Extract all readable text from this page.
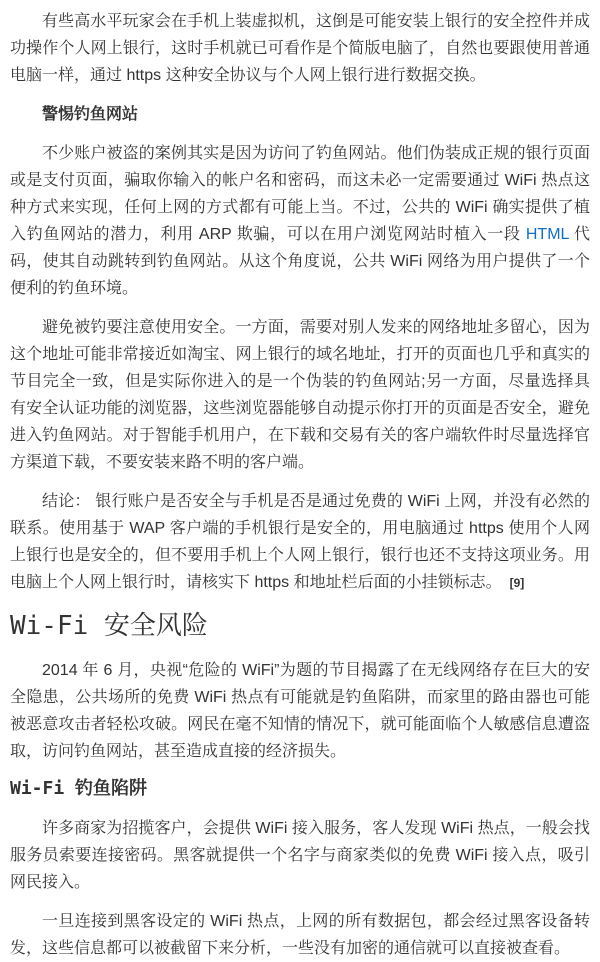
有些高水平玩家会在手机上装虚拟机，这倒是可能安装上银行的安全控件并成功操作个人网上银行，这时手机就已可看作是个简版电脑了，自然也要跟使用普通电脑一样，通过 https 这种安全协议与个人网上银行进行数据交换。

警惕钓鱼网站

不少账户被盗的案例其实是因为访问了钓鱼网站。他们伪装成正规的银行页面或是支付页面，骗取你输入的帐户名和密码，而这未必一定需要通过 WiFi 热点这种方式来实现，任何上网的方式都有可能上当。不过，公共的 WiFi 确实提供了植入钓鱼网站的潜力，利用 ARP 欺骗，可以在用户浏览网站时植入一段 HTML 代码，使其自动跳转到钓鱼网站。从这个角度说，公共 WiFi 网络为用户提供了一个便利的钓鱼环境。

避免被钓要注意使用安全。一方面，需要对别人发来的网络地址多留心，因为这个地址可能非常接近如淘宝、网上银行的域名地址，打开的页面也几乎和真实的节目完全一致，但是实际你进入的是一个伪装的钓鱼网站;另一方面，尽量选择具有安全认证功能的浏览器，这些浏览器能够自动提示你打开的页面是否安全，避免进入钓鱼网站。对于智能手机用户，在下载和交易有关的客户端软件时尽量选择官方渠道下载，不要安装来路不明的客户端。

结论： 银行账户是否安全与手机是否是通过免费的 WiFi 上网，并没有必然的联系。使用基于 WAP 客户端的手机银行是安全的，用电脑通过 https 使用个人网上银行也是安全的，但不要用手机上个人网上银行，银行也还不支持这项业务。用电脑上个人网上银行时，请核实下 https 和地址栏后面的小挂锁标志。 [9]

Wi-Fi 安全风险

2014 年 6 月，央视“危险的 WiFi”为题的节目揭露了在无线网络存在巨大的安全隐患，公共场所的免费 WiFi 热点有可能就是钓鱼陷阱，而家里的路由器也可能被恶意攻击者轻松攻破。网民在毫不知情的情况下，就可能面临个人敏感信息遭盗取，访问钓鱼网站，甚至造成直接的经济损失。

Wi-Fi 钓鱼陷阱

许多商家为招揽客户，会提供 WiFi 接入服务，客人发现 WiFi 热点，一般会找服务员索要连接密码。黑客就提供一个名字与商家类似的免费 WiFi 接入点，吸引网民接入。

一旦连接到黑客设定的 WiFi 热点，上网的所有数据包，都会经过黑客设备转发，这些信息都可以被截留下来分析，一些没有加密的通信就可以直接被查看。
